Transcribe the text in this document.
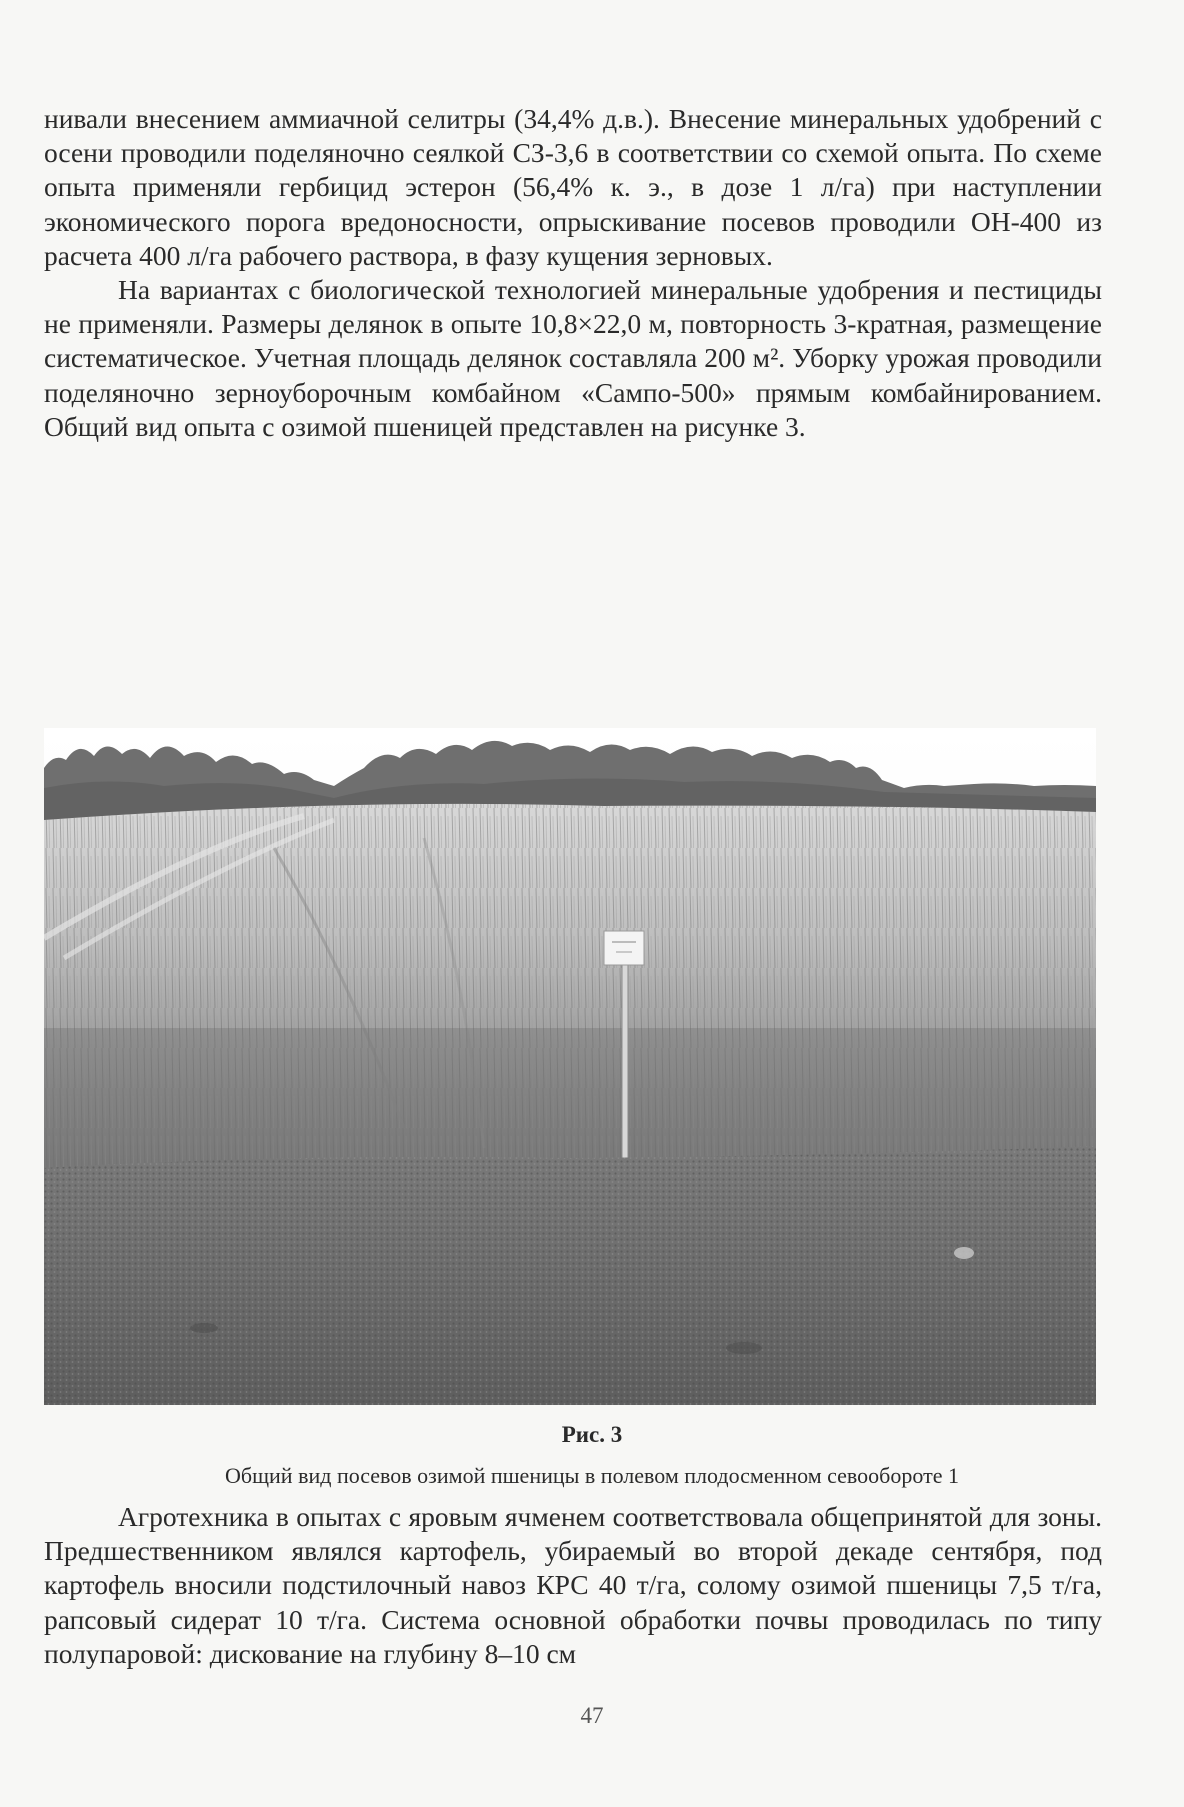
нивали внесением аммиачной селитры (34,4% д.в.). Внесение минеральных удобрений с осени проводили поделяночно сеялкой СЗ-3,6 в соответствии со схемой опыта. По схеме опыта применяли гербицид эстерон (56,4% к. э., в дозе 1 л/га) при наступлении экономического порога вредоносности, опрыскивание посевов проводили ОН-400 из расчета 400 л/га рабочего раствора, в фазу кущения зерновых.

На вариантах с биологической технологией минеральные удобрения и пестициды не применяли. Размеры делянок в опыте 10,8×22,0 м, повторность 3-кратная, размещение систематическое. Учетная площадь делянок составляла 200 м². Уборку урожая проводили поделяночно зерноуборочным комбайном «Сампо-500» прямым комбайнированием. Общий вид опыта с озимой пшеницей представлен на рисунке 3.

Рис. 3
Общий вид посевов озимой пшеницы в полевом плодосменном севообороте 1

Агротехника в опытах с яровым ячменем соответствовала общепринятой для зоны. Предшественником являлся картофель, убираемый во второй декаде сентября, под картофель вносили подстилочный навоз КРС 40 т/га, солому озимой пшеницы 7,5 т/га, рапсовый сидерат 10 т/га. Система основной обработки почвы проводилась по типу полупаровой: дискование на глубину 8–10 см

47
